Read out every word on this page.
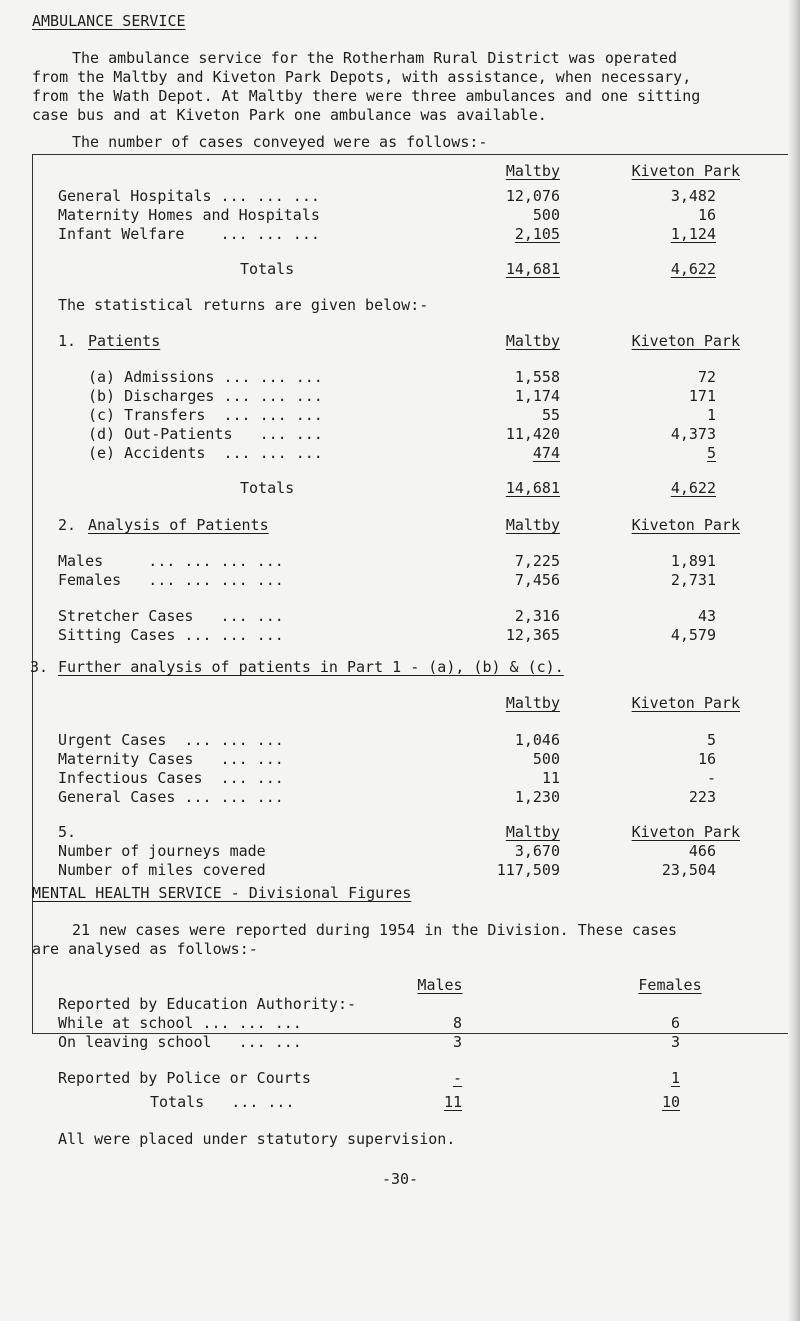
AMBULANCE SERVICE
The ambulance service for the Rotherham Rural District was operated
from the Maltby and Kiveton Park Depots, with assistance, when necessary,
from the Wath Depot. At Maltby there were three ambulances and one sitting
case bus and at Kiveton Park one ambulance was available.
The number of cases conveyed were as follows:-
Maltby	Kiveton Park
General Hospitals ... ... ...	12,076	3,482
Maternity Homes and Hospitals	500	16
Infant Welfare    ... ... ...	2,105	1,124
Totals	14,681	4,622
The statistical returns are given below:-
1. Patients	Maltby	Kiveton Park
(a) Admissions ... ... ...	1,558	72
(b) Discharges ... ... ...	1,174	171
(c) Transfers  ... ... ...	55	1
(d) Out-Patients   ... ...	11,420	4,373
(e) Accidents  ... ... ...	474	5
Totals	14,681	4,622
2. Analysis of Patients	Maltby	Kiveton Park
Males     ... ... ... ...	7,225	1,891
Females   ... ... ... ...	7,456	2,731
Stretcher Cases   ... ...	2,316	43
Sitting Cases ... ... ...	12,365	4,579
3. Further analysis of patients in Part 1 - (a), (b) & (c).
Maltby	Kiveton Park
Urgent Cases  ... ... ...	1,046	5
Maternity Cases   ... ...	500	16
Infectious Cases  ... ...	11	-
General Cases ... ... ...	1,230	223
5.	Maltby	Kiveton Park
Number of journeys made	3,670	466
Number of miles covered	117,509	23,504
MENTAL HEALTH SERVICE - Divisional Figures
21 new cases were reported during 1954 in the Division. These cases
are analysed as follows:-
Males	Females
Reported by Education Authority:-
While at school ... ... ...	8	6
On leaving school   ... ...	3	3
Reported by Police or Courts	-	1
Totals   ... ...	11	10
All were placed under statutory supervision.
-30-
